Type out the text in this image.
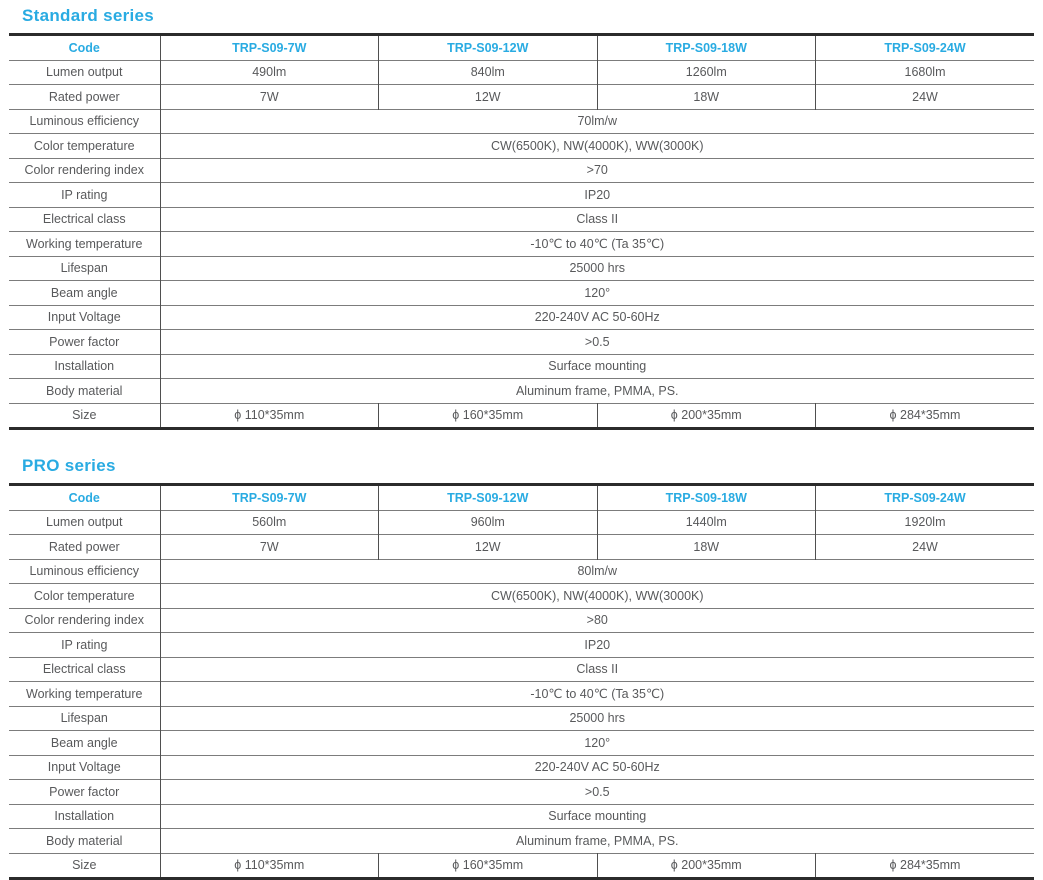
Standard series
Code	TRP-S09-7W	TRP-S09-12W	TRP-S09-18W	TRP-S09-24W
Lumen output	490lm	840lm	1260lm	1680lm
Rated power	7W	12W	18W	24W
Luminous efficiency	70lm/w			
Color temperature	CW(6500K), NW(4000K), WW(3000K)			
Color rendering index	>70			
IP rating	IP20			
Electrical class	Class II			
Working temperature	-10℃ to 40℃ (Ta 35℃)			
Lifespan	25000 hrs			
Beam angle	120°			
Input Voltage	220-240V AC 50-60Hz			
Power factor	>0.5			
Installation	Surface mounting			
Body material	Aluminum frame, PMMA, PS.			
Size	ϕ 110*35mm	ϕ 160*35mm	ϕ 200*35mm	ϕ 284*35mm
PRO series
Code	TRP-S09-7W	TRP-S09-12W	TRP-S09-18W	TRP-S09-24W
Lumen output	560lm	960lm	1440lm	1920lm
Rated power	7W	12W	18W	24W
Luminous efficiency	80lm/w			
Color temperature	CW(6500K), NW(4000K), WW(3000K)			
Color rendering index	>80			
IP rating	IP20			
Electrical class	Class II			
Working temperature	-10℃ to 40℃ (Ta 35℃)			
Lifespan	25000 hrs			
Beam angle	120°			
Input Voltage	220-240V AC 50-60Hz			
Power factor	>0.5			
Installation	Surface mounting			
Body material	Aluminum frame, PMMA, PS.			
Size	ϕ 110*35mm	ϕ 160*35mm	ϕ 200*35mm	ϕ 284*35mm
